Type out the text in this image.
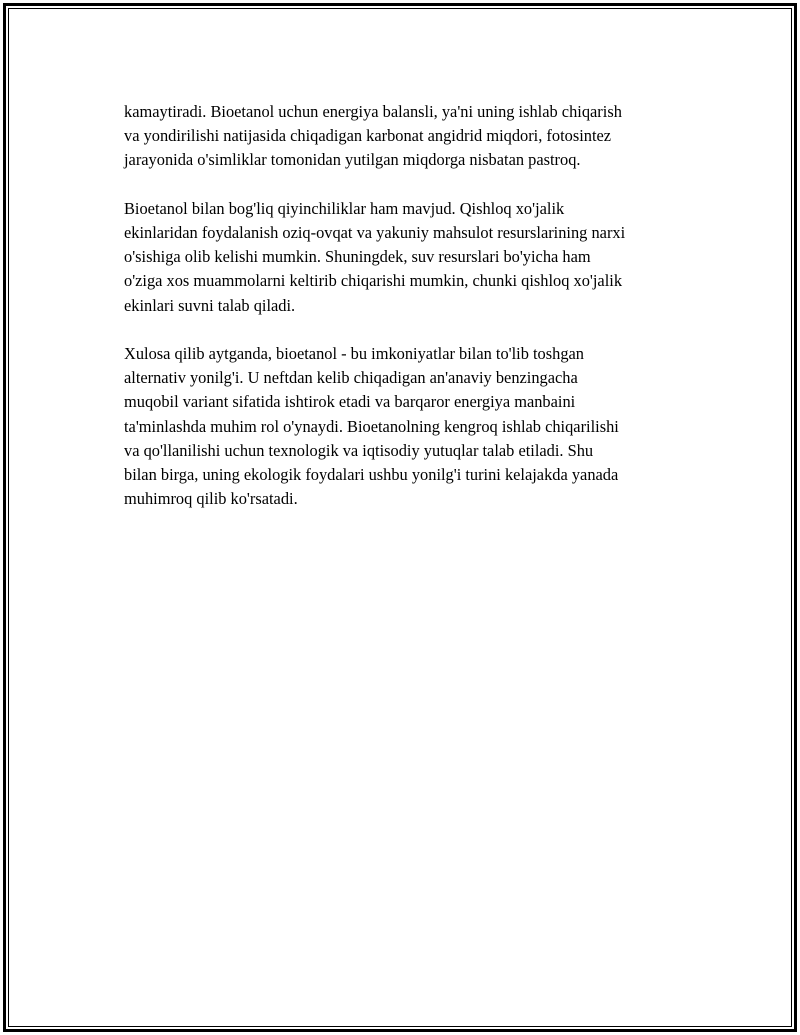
kamaytiradi. Bioetanol uchun energiya balansli, ya'ni uning ishlab chiqarish
va yondirilishi natijasida chiqadigan karbonat angidrid miqdori, fotosintez
jarayonida o'simliklar tomonidan yutilgan miqdorga nisbatan pastroq.

Bioetanol bilan bog'liq qiyinchiliklar ham mavjud. Qishloq xo'jalik
ekinlaridan foydalanish oziq-ovqat va yakuniy mahsulot resurslarining narxi
o'sishiga olib kelishi mumkin. Shuningdek, suv resurslari bo'yicha ham
o'ziga xos muammolarni keltirib chiqarishi mumkin, chunki qishloq xo'jalik
ekinlari suvni talab qiladi.

Xulosa qilib aytganda, bioetanol - bu imkoniyatlar bilan to'lib toshgan
alternativ yonilg'i. U neftdan kelib chiqadigan an'anaviy benzingacha
muqobil variant sifatida ishtirok etadi va barqaror energiya manbaini
ta'minlashda muhim rol o'ynaydi. Bioetanolning kengroq ishlab chiqarilishi
va qo'llanilishi uchun texnologik va iqtisodiy yutuqlar talab etiladi. Shu
bilan birga, uning ekologik foydalari ushbu yonilg'i turini kelajakda yanada
muhimroq qilib ko'rsatadi.
